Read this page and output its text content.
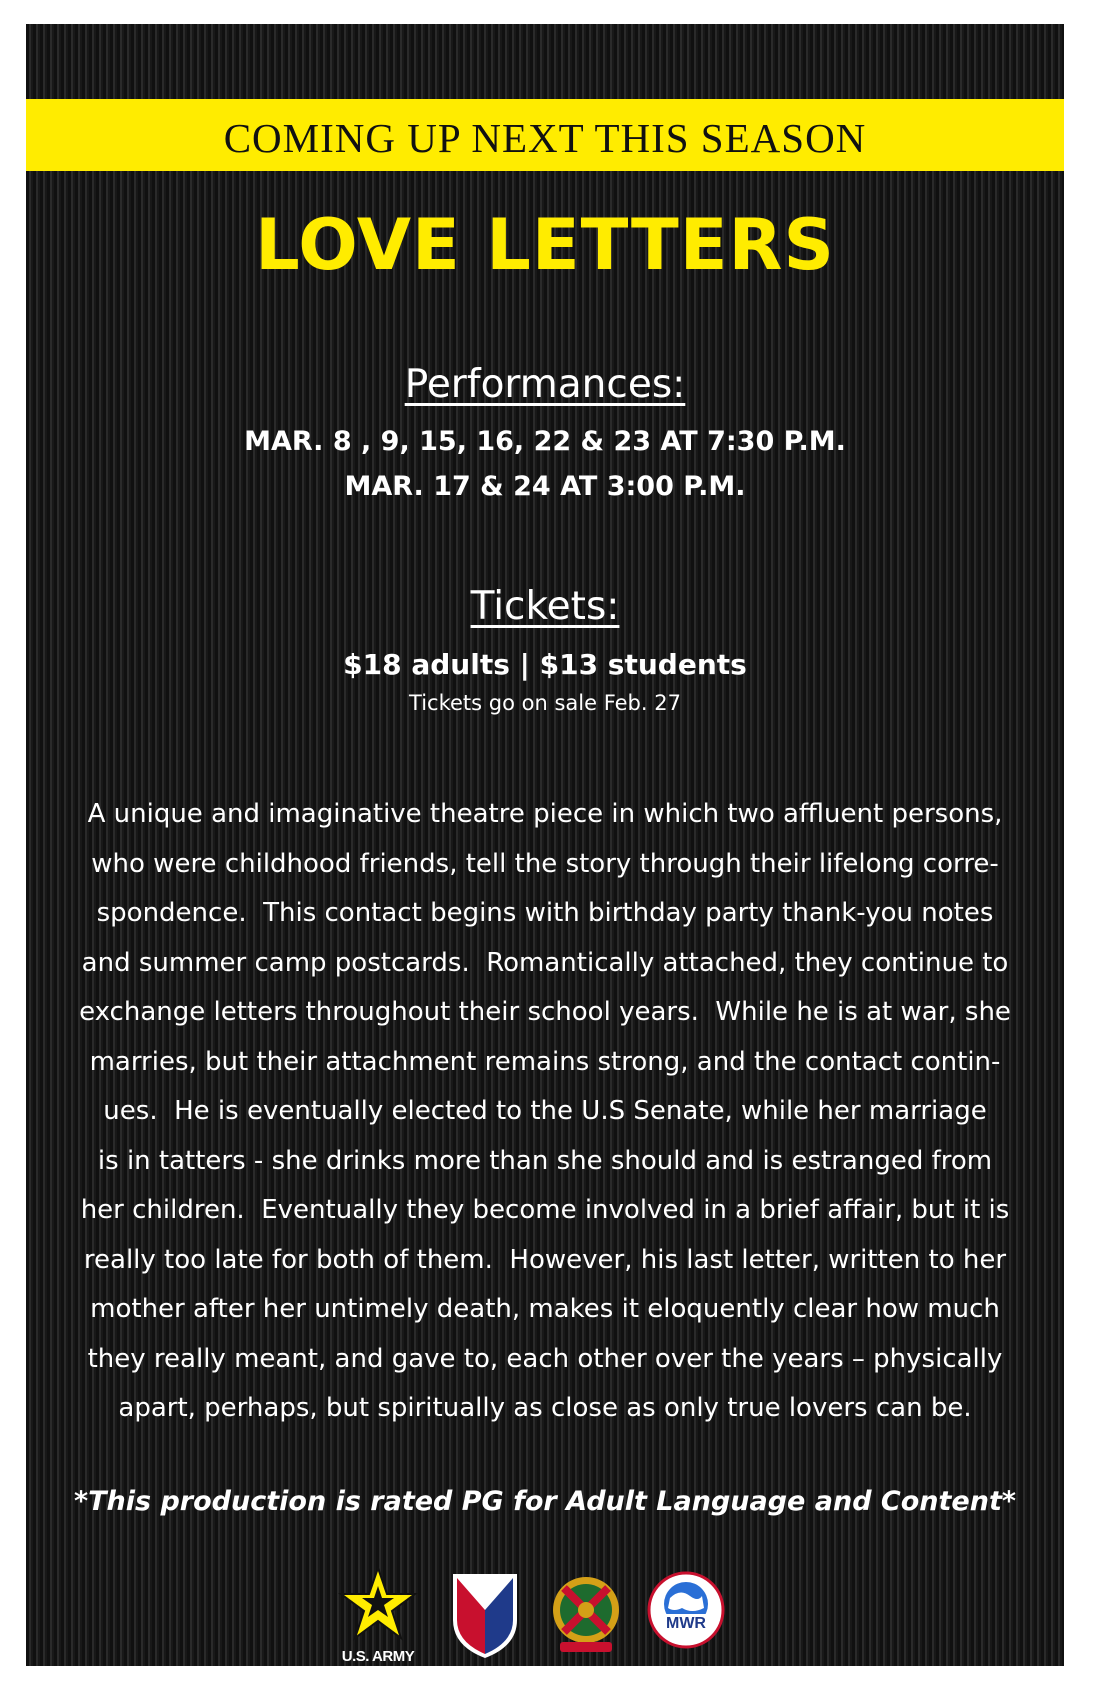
COMING UP NEXT THIS SEASON
LOVE LETTERS
Performances:
MAR. 8 , 9, 15, 16, 22 & 23 AT 7:30 P.M.
MAR. 17 & 24 AT 3:00 P.M.
Tickets:
$18 adults | $13 students
Tickets go on sale Feb. 27

A unique and imaginative theatre piece in which two affluent persons,
who were childhood friends, tell the story through their lifelong corre-
spondence.  This contact begins with birthday party thank-you notes
and summer camp postcards.  Romantically attached, they continue to
exchange letters throughout their school years.  While he is at war, she
marries, but their attachment remains strong, and the contact contin-
ues.  He is eventually elected to the U.S Senate, while her marriage
is in tatters - she drinks more than she should and is estranged from
her children.  Eventually they become involved in a brief affair, but it is
really too late for both of them.  However, his last letter, written to her
mother after her untimely death, makes it eloquently clear how much
they really meant, and gave to, each other over the years – physically
apart, perhaps, but spiritually as close as only true lovers can be.

*This production is rated PG for Adult Language and Content*
U.S. ARMY
MWR
